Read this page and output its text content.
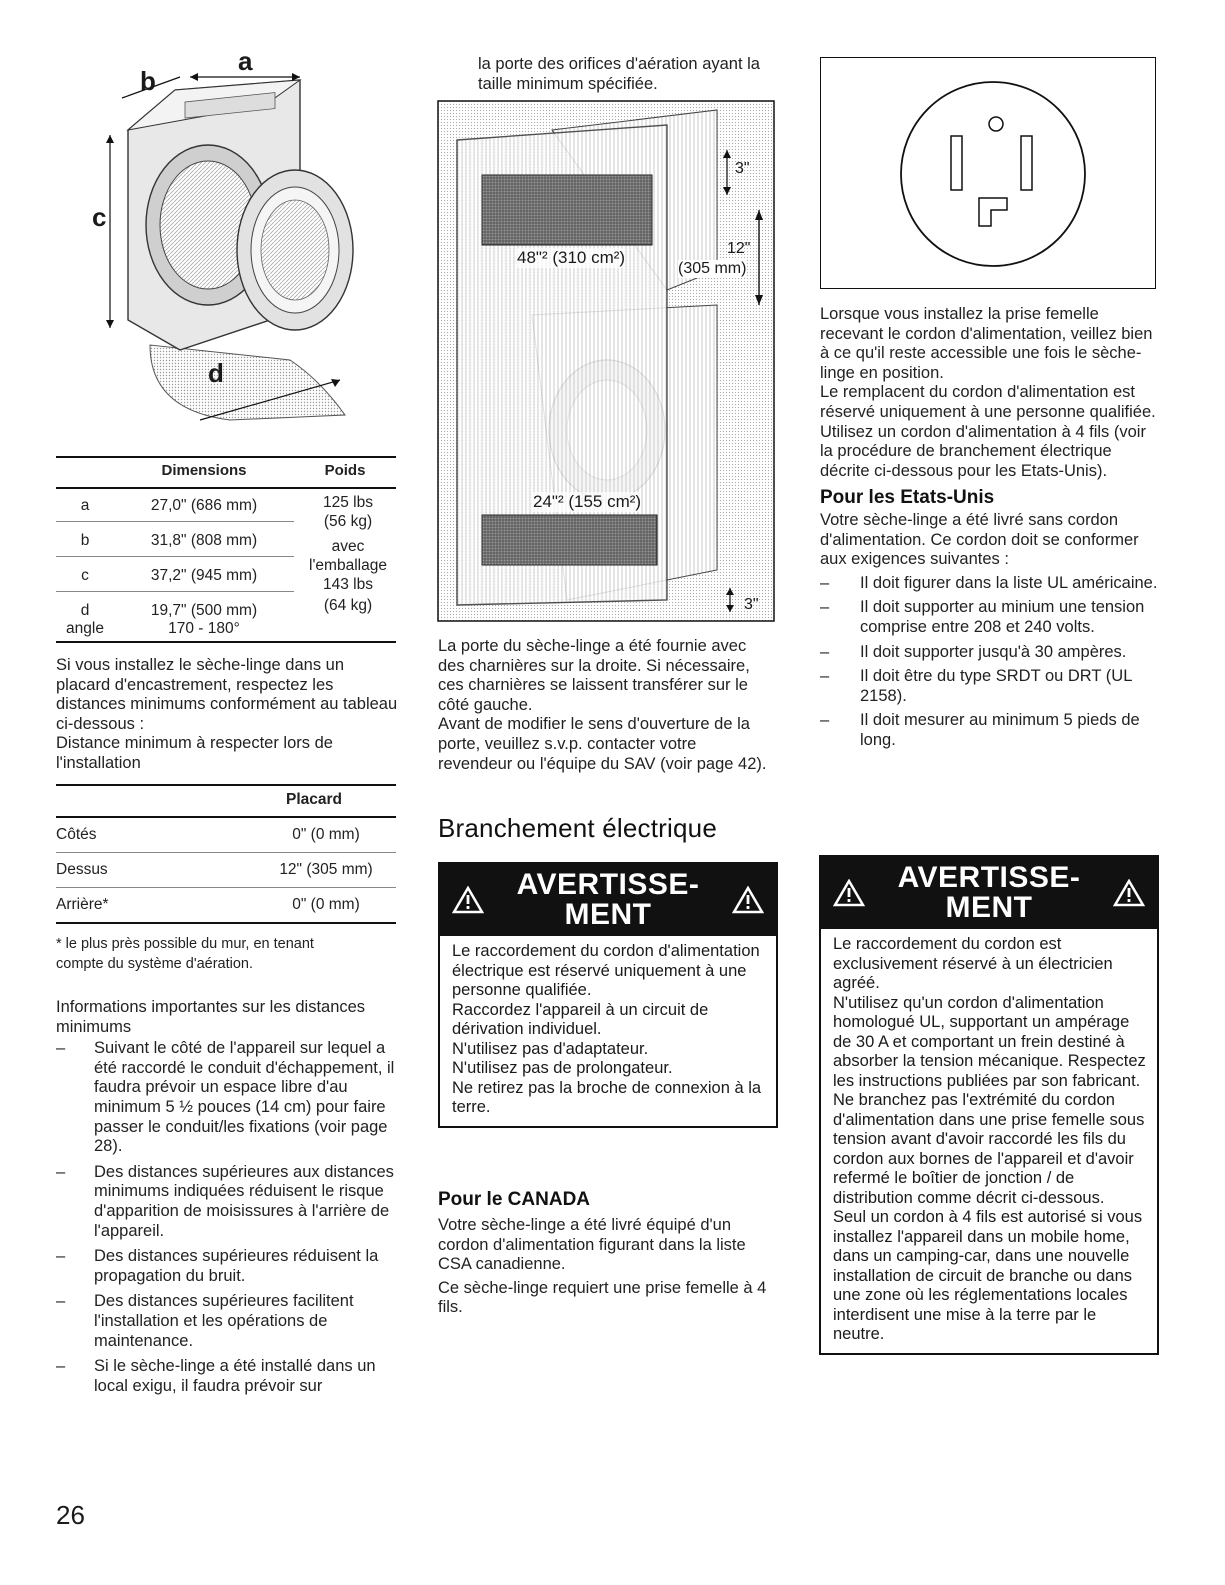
a
b
c
d
	Dimensions	Poids
a	27,0" (686 mm)
b	31,8" (808 mm)
c	37,2" (945 mm)
d	19,7" (500 mm)
angle	170 - 180°
125 lbs
(56 kg)
avec
l'emballage
143 lbs
(64 kg)
Si vous installez le sèche-linge dans un placard d'encastrement, respectez les distances minimums conformément au tableau ci-dessous :
Distance minimum à respecter lors de l'installation
Placard
Côtés	0" (0 mm)
Dessus	12" (305 mm)
Arrière*	0" (0 mm)
* le plus près possible du mur, en tenant compte du système d'aération.
Informations importantes sur les distances minimums
– Suivant le côté de l'appareil sur lequel a été raccordé le conduit d'échappement, il faudra prévoir un espace libre d'au minimum 5 ½ pouces (14 cm) pour faire passer le conduit/les fixations (voir page 28).
– Des distances supérieures aux distances minimums indiquées réduisent le risque d'apparition de moisissures à l'arrière de l'appareil.
– Des distances supérieures réduisent la propagation du bruit.
– Des distances supérieures facilitent l'installation et les opérations de maintenance.
– Si le sèche-linge a été installé dans un local exigu, il faudra prévoir sur
26
la porte des orifices d'aération ayant la taille minimum spécifiée.
3"
48"² (310 cm²)	12"
(305 mm)
24"² (155 cm²)
3"
La porte du sèche-linge a été fournie avec des charnières sur la droite. Si nécessaire, ces charnières se laissent transférer sur le côté gauche.
Avant de modifier le sens d'ouverture de la porte, veuillez s.v.p. contacter votre revendeur ou l'équipe du SAV (voir page 42).
Branchement électrique
AVERTISSE-
MENT
Le raccordement du cordon d'alimentation électrique est réservé uniquement à une personne qualifiée.
Raccordez l'appareil à un circuit de dérivation individuel.
N'utilisez pas d'adaptateur.
N'utilisez pas de prolongateur.
Ne retirez pas la broche de connexion à la terre.
Pour le CANADA
Votre sèche-linge a été livré équipé d'un cordon d'alimentation figurant dans la liste CSA canadienne.
Ce sèche-linge requiert une prise femelle à 4 fils.
Lorsque vous installez la prise femelle recevant le cordon d'alimentation, veillez bien à ce qu'il reste accessible une fois le sèche-linge en position.
Le remplacent du cordon d'alimentation est réservé uniquement à une personne qualifiée. Utilisez un cordon d'alimentation à 4 fils (voir la procédure de branchement électrique décrite ci-dessous pour les Etats-Unis).
Pour les Etats-Unis
Votre sèche-linge a été livré sans cordon d'alimentation. Ce cordon doit se conformer aux exigences suivantes :
– Il doit figurer dans la liste UL américaine.
– Il doit supporter au minium une tension comprise entre 208 et 240 volts.
– Il doit supporter jusqu'à 30 ampères.
– Il doit être du type SRDT ou DRT (UL 2158).
– Il doit mesurer au minimum 5 pieds de long.
AVERTISSE-
MENT
Le raccordement du cordon est exclusivement réservé à un électricien agréé.
N'utilisez qu'un cordon d'alimentation homologué UL, supportant un ampérage de 30 A et comportant un frein destiné à absorber la tension mécanique. Respectez les instructions publiées par son fabricant.
Ne branchez pas l'extrémité du cordon d'alimentation dans une prise femelle sous tension avant d'avoir raccordé les fils du cordon aux bornes de l'appareil et d'avoir refermé le boîtier de jonction / de distribution comme décrit ci-dessous.
Seul un cordon à 4 fils est autorisé si vous installez l'appareil dans un mobile home, dans un camping-car, dans une nouvelle installation de circuit de branche ou dans une zone où les réglementations locales interdisent une mise à la terre par le neutre.
